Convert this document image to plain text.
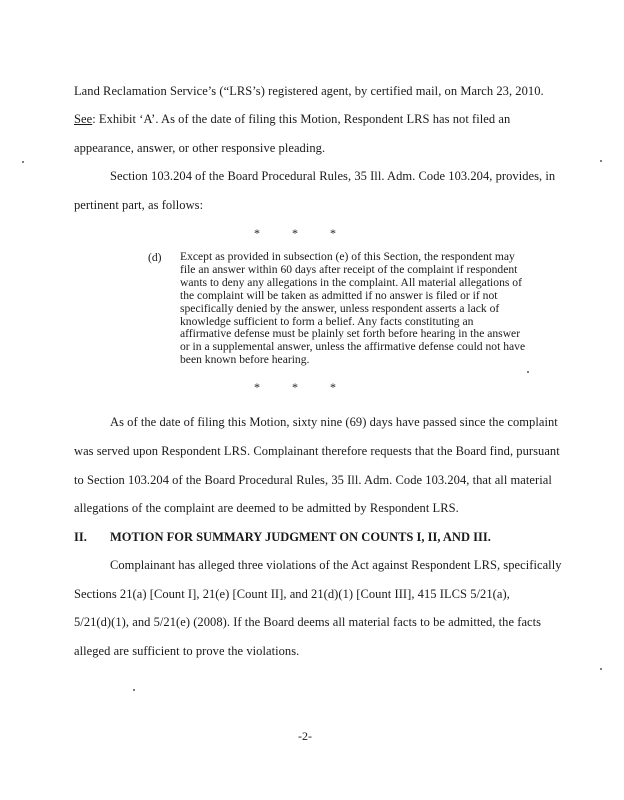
Land Reclamation Service’s (“LRS’s) registered agent, by certified mail, on March 23, 2010.
See: Exhibit ‘A’. As of the date of filing this Motion, Respondent LRS has not filed an
appearance, answer, or other responsive pleading.
Section 103.204 of the Board Procedural Rules, 35 Ill. Adm. Code 103.204, provides, in
pertinent part, as follows:
*	*	*
(d) Except as provided in subsection (e) of this Section, the respondent may
file an answer within 60 days after receipt of the complaint if respondent
wants to deny any allegations in the complaint. All material allegations of
the complaint will be taken as admitted if no answer is filed or if not
specifically denied by the answer, unless respondent asserts a lack of
knowledge sufficient to form a belief. Any facts constituting an
affirmative defense must be plainly set forth before hearing in the answer
or in a supplemental answer, unless the affirmative defense could not have
been known before hearing.
*	*	*
As of the date of filing this Motion, sixty nine (69) days have passed since the complaint
was served upon Respondent LRS. Complainant therefore requests that the Board find, pursuant
to Section 103.204 of the Board Procedural Rules, 35 Ill. Adm. Code 103.204, that all material
allegations of the complaint are deemed to be admitted by Respondent LRS.
II. MOTION FOR SUMMARY JUDGMENT ON COUNTS I, II, AND III.
Complainant has alleged three violations of the Act against Respondent LRS, specifically
Sections 21(a) [Count I], 21(e) [Count II], and 21(d)(1) [Count III], 415 ILCS 5/21(a),
5/21(d)(1), and 5/21(e) (2008). If the Board deems all material facts to be admitted, the facts
alleged are sufficient to prove the violations.
-2-
